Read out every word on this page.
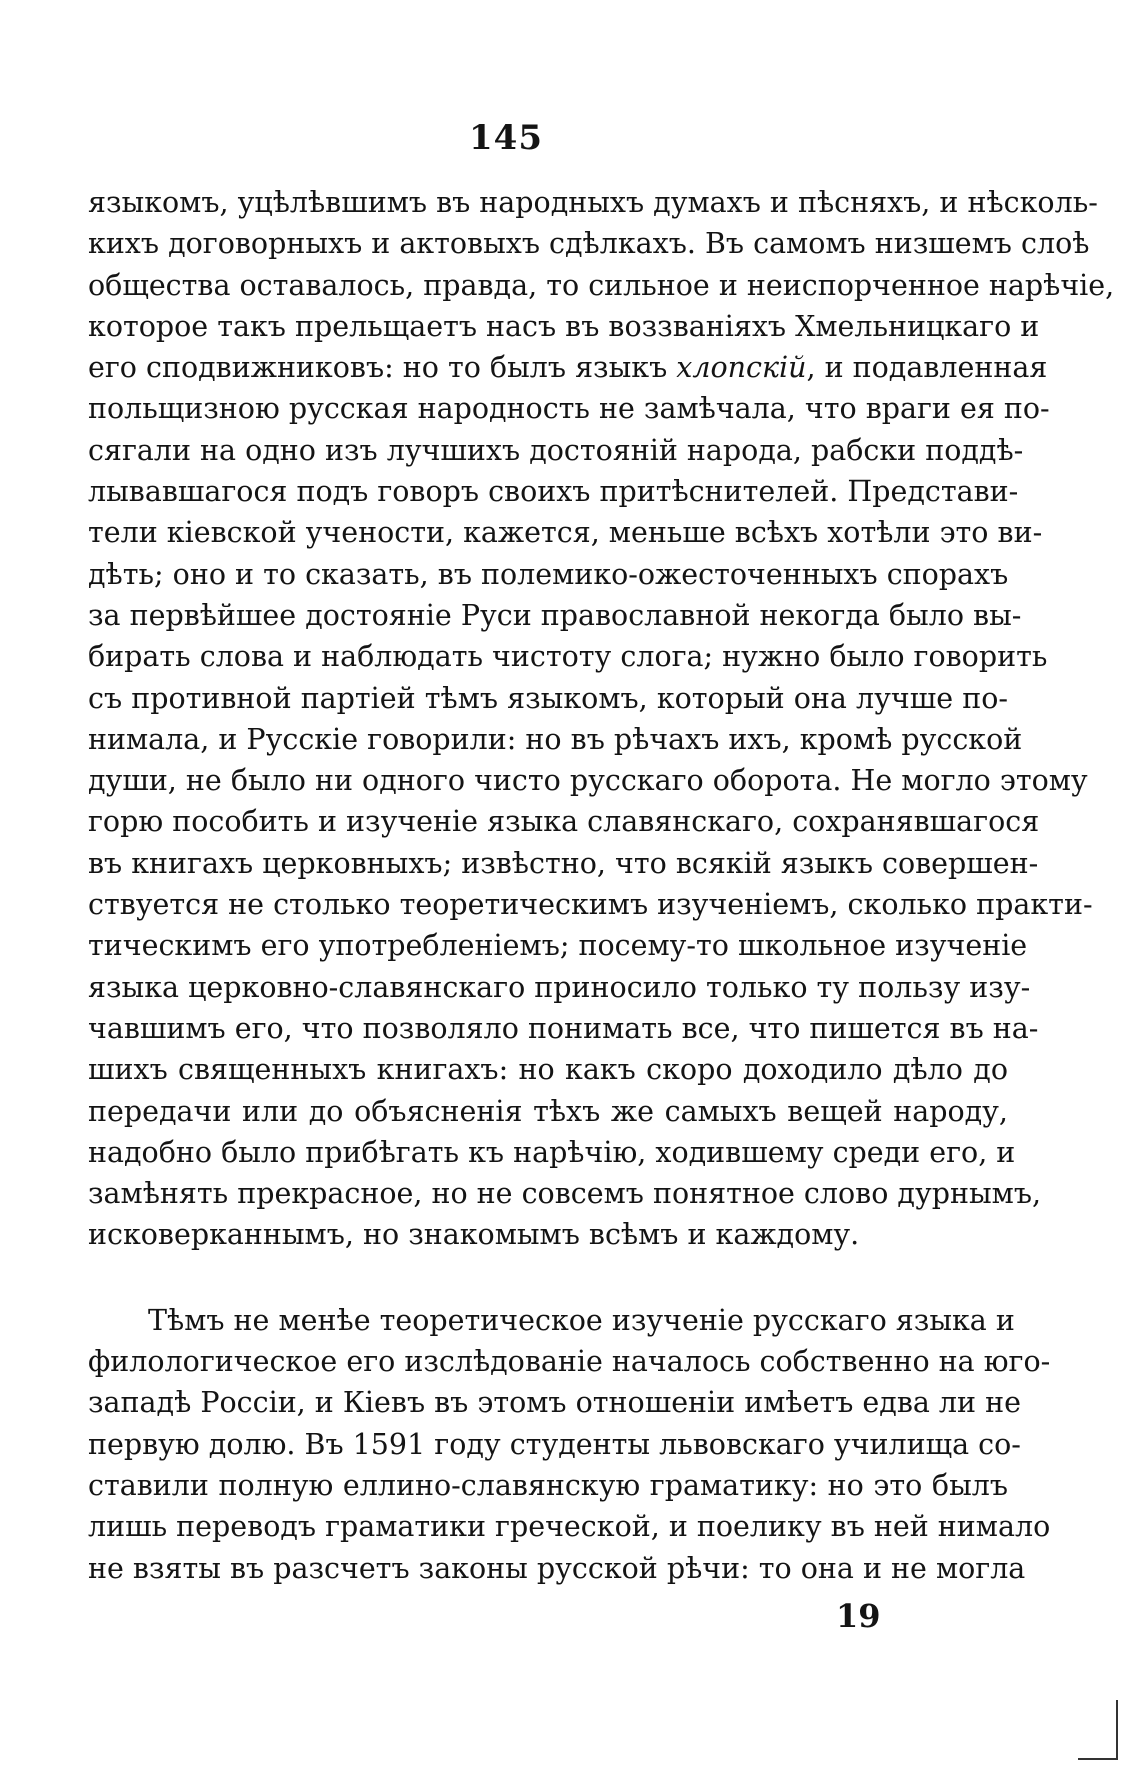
145
языкомъ, уцѣлѣвшимъ въ народныхъ думахъ и пѣсняхъ, и нѣсколь-
кихъ договорныхъ и актовыхъ сдѣлкахъ. Въ самомъ низшемъ слоѣ
общества оставалось, правда, то сильное и неиспорченное нарѣчіе,
которое такъ прельщаетъ насъ въ воззваніяхъ Хмельницкаго и
его сподвижниковъ: но то былъ языкъ хлопскій, и подавленная
польщизною русская народность не замѣчала, что враги ея по-
сягали на одно изъ лучшихъ достояній народа, рабски поддѣ-
лывавшагося подъ говоръ своихъ притѣснителей. Представи-
тели кіевской учености, кажется, меньше всѣхъ хотѣли это ви-
дѣть; оно и то сказать, въ полемико-ожесточенныхъ спорахъ
за первѣйшее достояніе Руси православной некогда было вы-
бирать слова и наблюдать чистоту слога; нужно было говорить
съ противной партіей тѣмъ языкомъ, который она лучше по-
нимала, и Русскіе говорили: но въ рѣчахъ ихъ, кромѣ русской
души, не было ни одного чисто русскаго оборота. Не могло этому
горю пособить и изученіе языка славянскаго, сохранявшагося
въ книгахъ церковныхъ; извѣстно, что всякій языкъ совершен-
ствуется не столько теоретическимъ изученіемъ, сколько практи-
тическимъ его употребленіемъ; посему-то школьное изученіе
языка церковно-славянскаго приносило только ту пользу изу-
чавшимъ его, что позволяло понимать все, что пишется въ на-
шихъ священныхъ книгахъ: но какъ скоро доходило дѣло до
передачи или до объясненія тѣхъ же самыхъ вещей народу,
надобно было прибѣгать къ нарѣчію, ходившему среди его, и
замѣнять прекрасное, но не совсемъ понятное слово дурнымъ,
исковерканнымъ, но знакомымъ всѣмъ и каждому.
Тѣмъ не менѣе теоретическое изученіе русскаго языка и
филологическое его изслѣдованіе началось собственно на юго-
западѣ Россіи, и Кіевъ въ этомъ отношеніи имѣетъ едва ли не
первую долю. Въ 1591 году студенты львовскаго училища со-
ставили полную еллино-славянскую граматику: но это былъ
лишь переводъ граматики греческой, и поелику въ ней нимало
не взяты въ разсчетъ законы русской рѣчи: то она и не могла
19
